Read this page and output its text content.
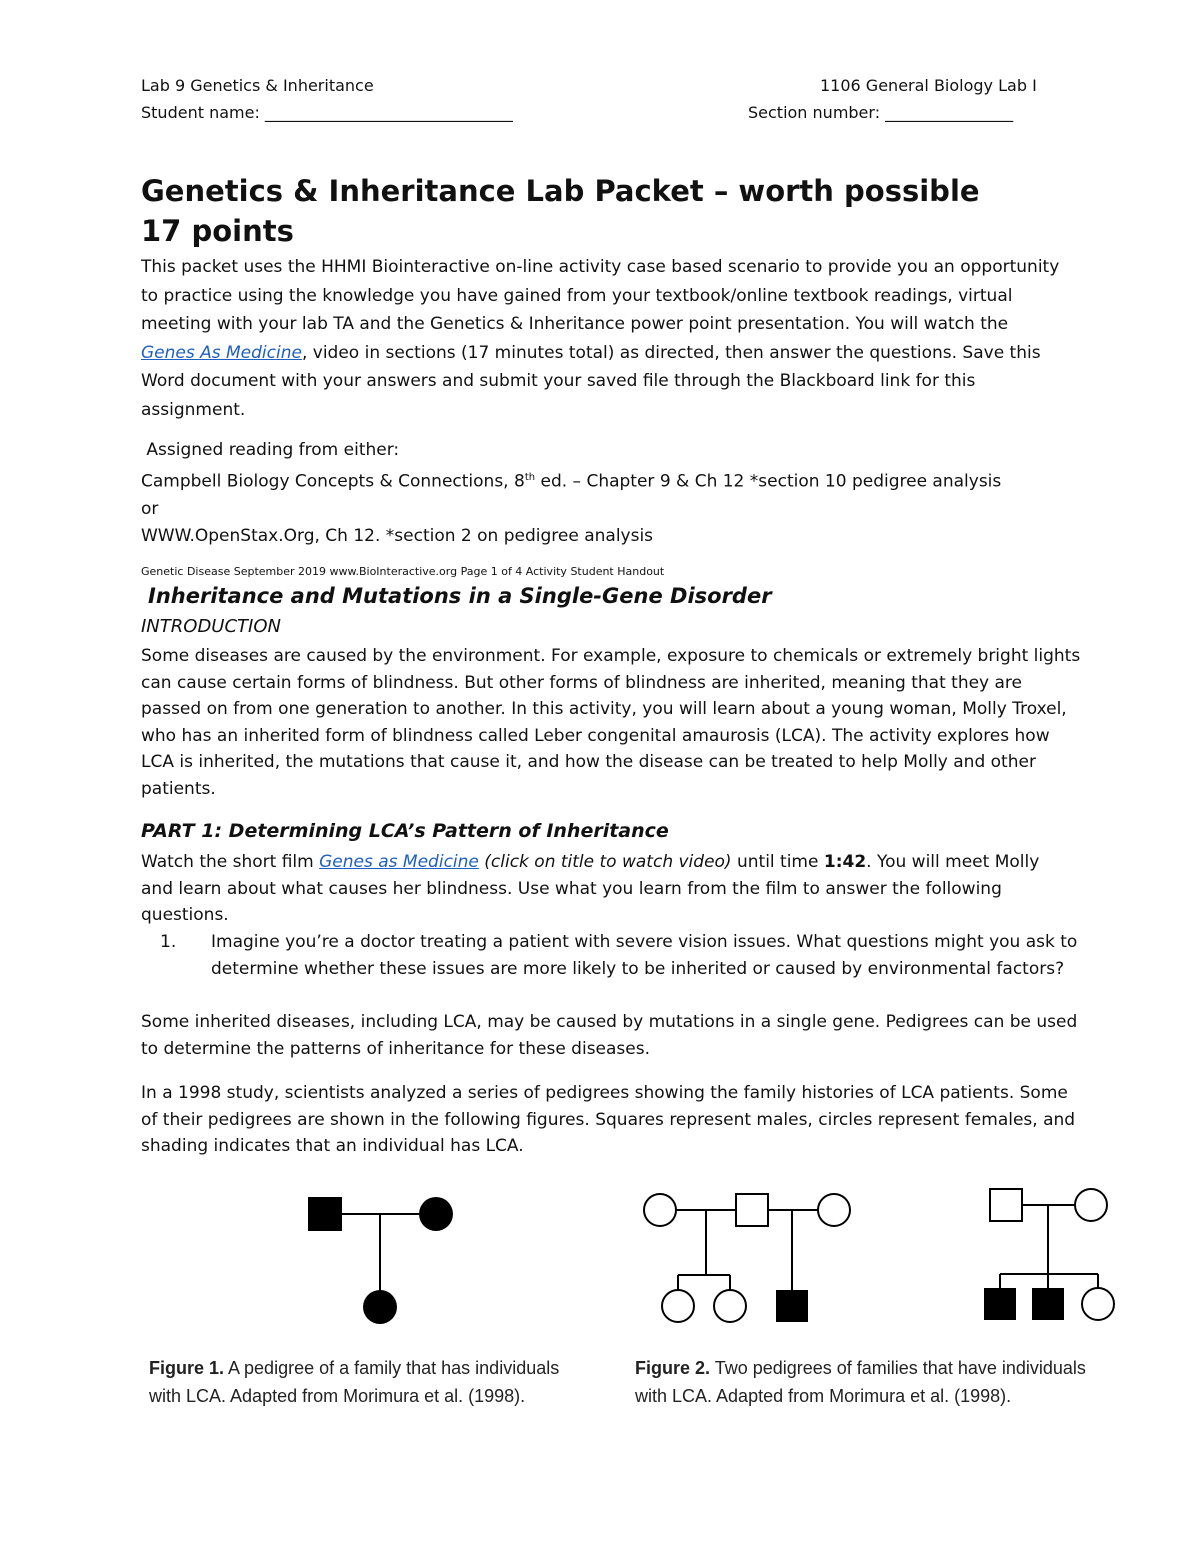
Lab 9 Genetics & Inheritance	1106 General Biology Lab I
Student name: _______________________________	Section number: ________________
Genetics & Inheritance Lab Packet – worth possible
17 points

This packet uses the HHMI Biointeractive on-line activity case based scenario to provide you an opportunity

to practice using the knowledge you have gained from your textbook/online textbook readings, virtual

meeting with your lab TA and the Genetics & Inheritance power point presentation. You will watch the

Genes As Medicine, video in sections (17 minutes total) as directed, then answer the questions. Save this

Word document with your answers and submit your saved file through the Blackboard link for this

assignment.

Assigned reading from either:

Campbell Biology Concepts & Connections, 8th ed. – Chapter 9 & Ch 12 *section 10 pedigree analysis

or

WWW.OpenStax.Org, Ch 12. *section 2 on pedigree analysis

Genetic Disease September 2019 www.BioInteractive.org Page 1 of 4 Activity Student Handout
Inheritance and Mutations in a Single-Gene Disorder
INTRODUCTION

Some diseases are caused by the environment. For example, exposure to chemicals or extremely bright lights

can cause certain forms of blindness. But other forms of blindness are inherited, meaning that they are

passed on from one generation to another. In this activity, you will learn about a young woman, Molly Troxel,

who has an inherited form of blindness called Leber congenital amaurosis (LCA). The activity explores how

LCA is inherited, the mutations that cause it, and how the disease can be treated to help Molly and other

patients.

PART 1: Determining LCA’s Pattern of Inheritance

Watch the short film Genes as Medicine (click on title to watch video) until time 1:42. You will meet Molly

and learn about what causes her blindness. Use what you learn from the film to answer the following

questions.

1. Imagine you’re a doctor treating a patient with severe vision issues. What questions might you ask to

determine whether these issues are more likely to be inherited or caused by environmental factors?

Some inherited diseases, including LCA, may be caused by mutations in a single gene. Pedigrees can be used

to determine the patterns of inheritance for these diseases.

In a 1998 study, scientists analyzed a series of pedigrees showing the family histories of LCA patients. Some

of their pedigrees are shown in the following figures. Squares represent males, circles represent females, and

shading indicates that an individual has LCA.

Figure 1. A pedigree of a family that has individuals
with LCA. Adapted from Morimura et al. (1998).
Figure 2. Two pedigrees of families that have individuals
with LCA. Adapted from Morimura et al. (1998).
